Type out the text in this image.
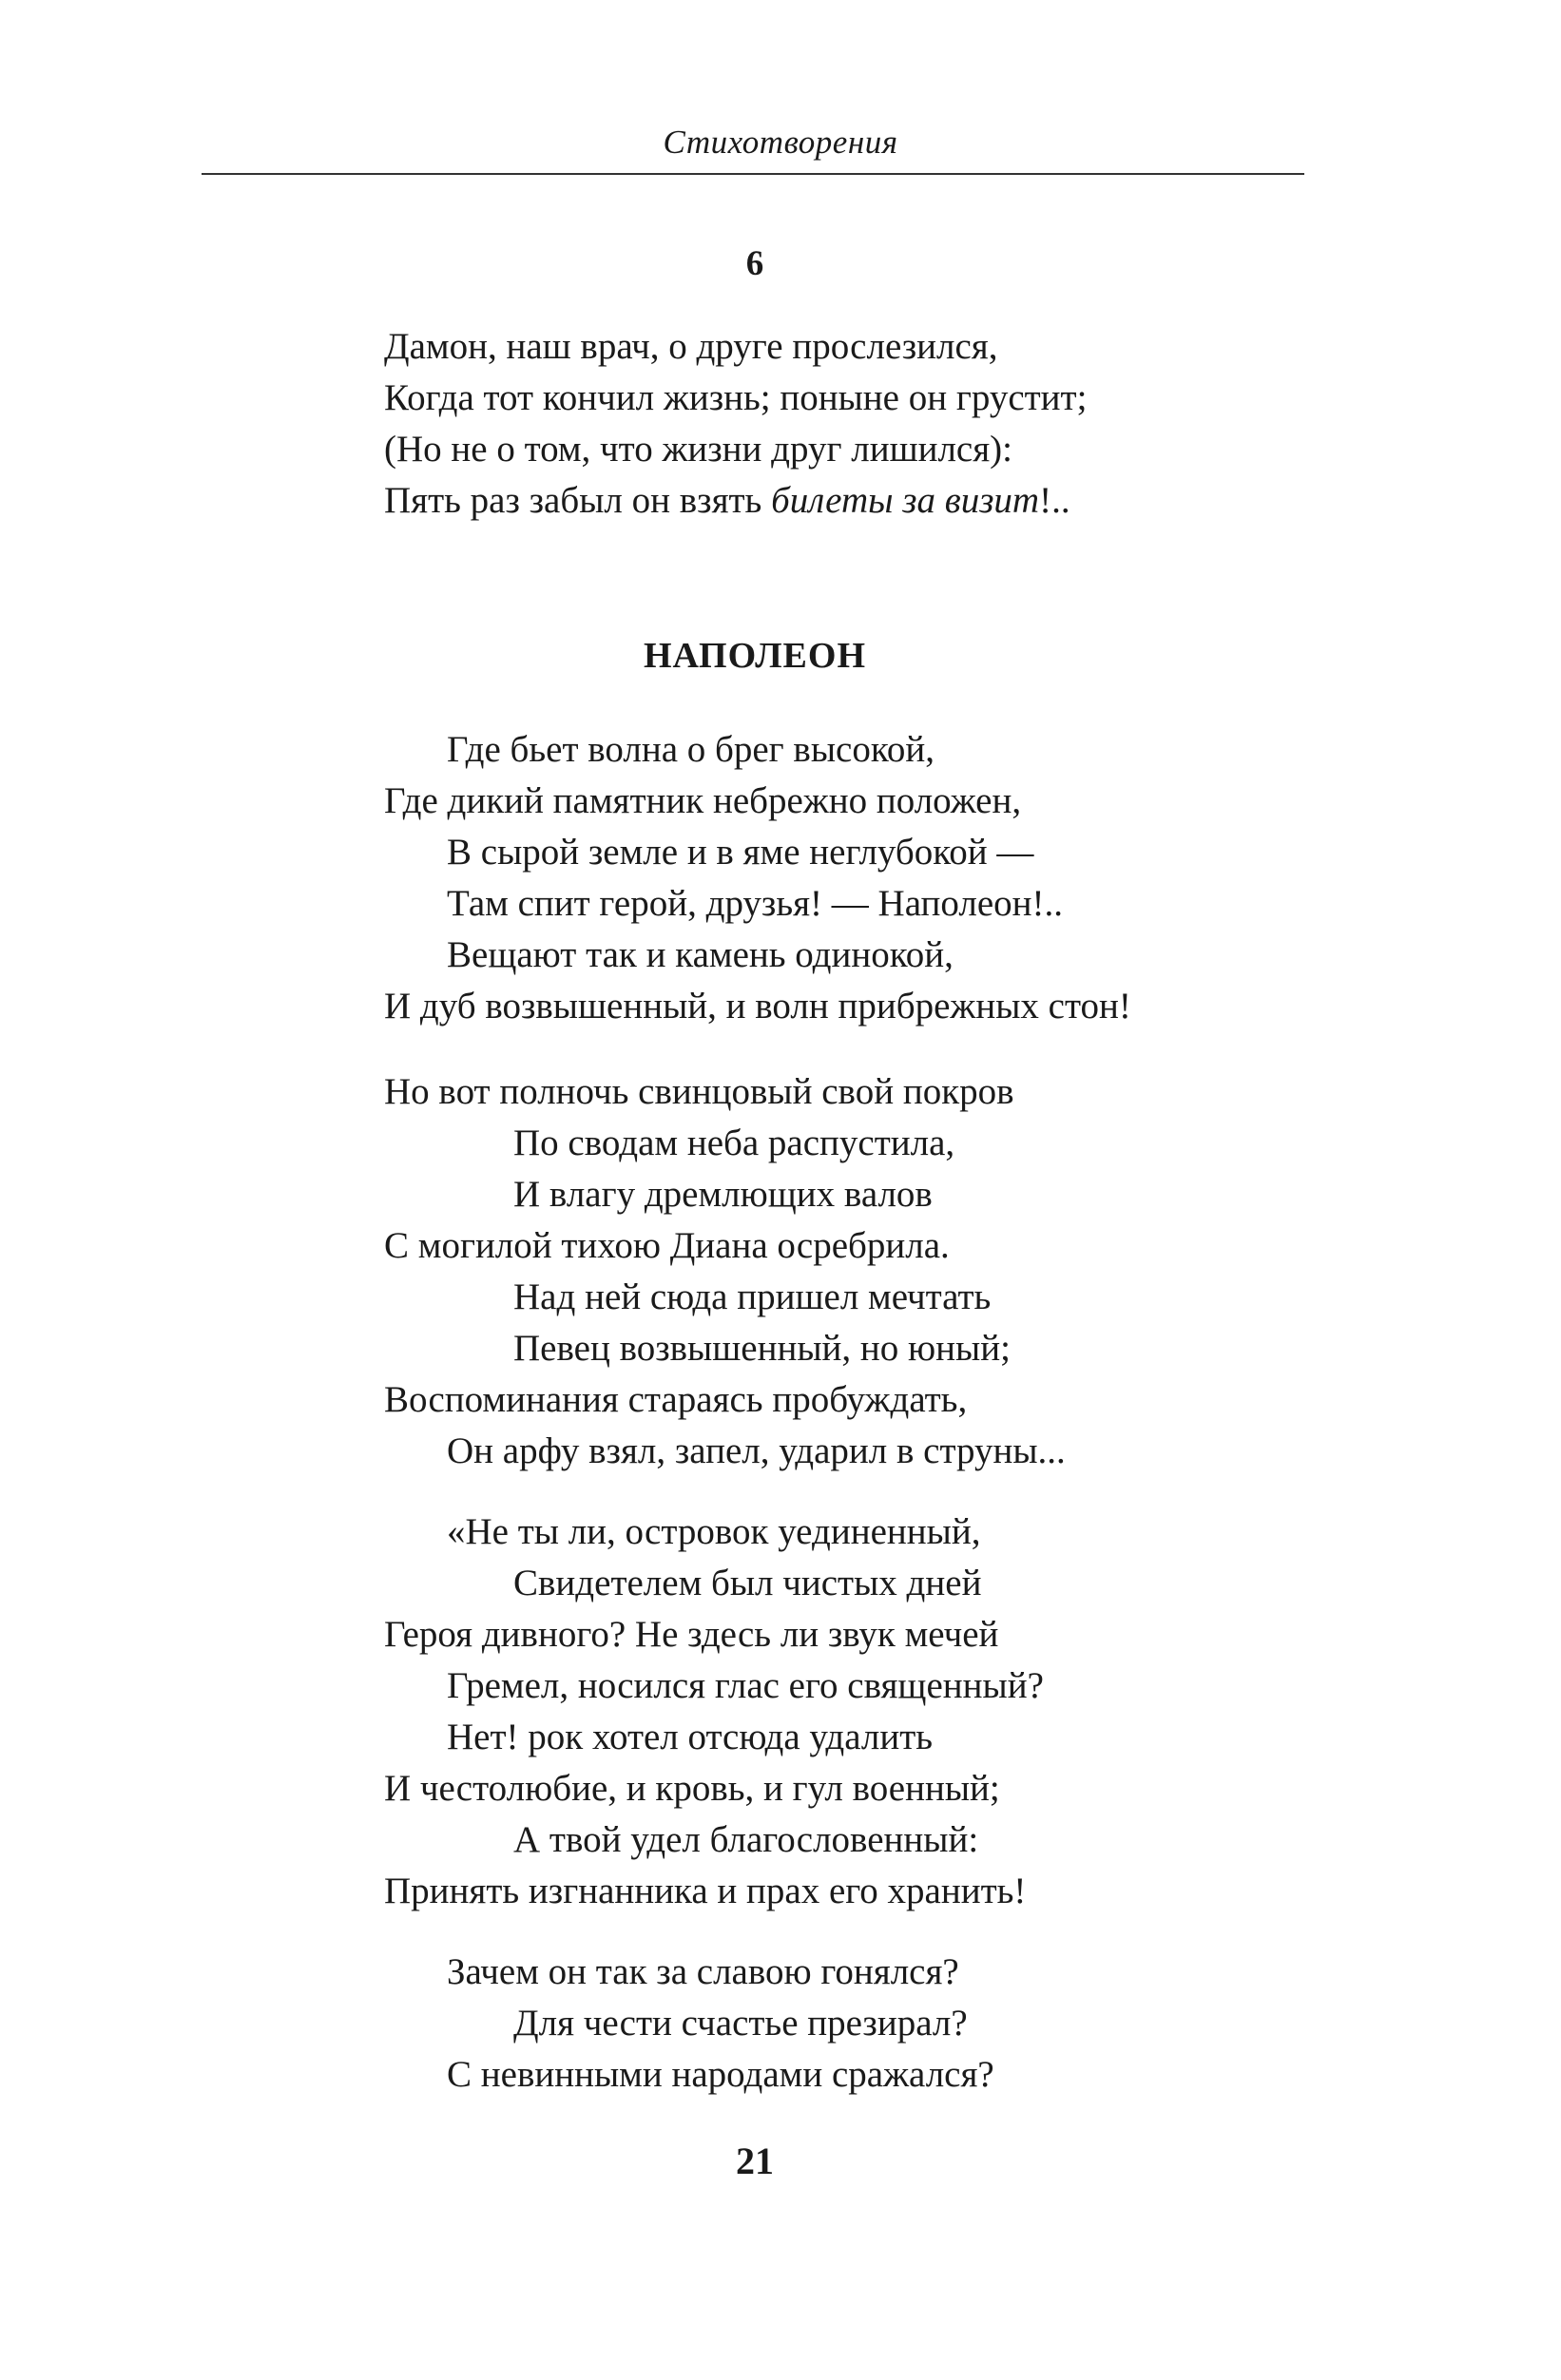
Стихотворения
6
Дамон, наш врач, о друге прослезился,
Когда тот кончил жизнь; поныне он грустит;
(Но не о том, что жизни друг лишился):
Пять раз забыл он взять билеты за визит!..
НАПОЛЕОН
Где бьет волна о брег высокой,
Где дикий памятник небрежно положен,
В сырой земле и в яме неглубокой —
Там спит герой, друзья! — Наполеон!..
Вещают так и камень одинокой,
И дуб возвышенный, и волн прибрежных стон!
Но вот полночь свинцовый свой покров
По сводам неба распустила,
И влагу дремлющих валов
С могилой тихою Диана осребрила.
Над ней сюда пришел мечтать
Певец возвышенный, но юный;
Воспоминания стараясь пробуждать,
Он арфу взял, запел, ударил в струны...
«Не ты ли, островок уединенный,
Свидетелем был чистых дней
Героя дивного? Не здесь ли звук мечей
Гремел, носился глас его священный?
Нет! рок хотел отсюда удалить
И честолюбие, и кровь, и гул военный;
А твой удел благословенный:
Принять изгнанника и прах его хранить!
Зачем он так за славою гонялся?
Для чести счастье презирал?
С невинными народами сражался?
21
